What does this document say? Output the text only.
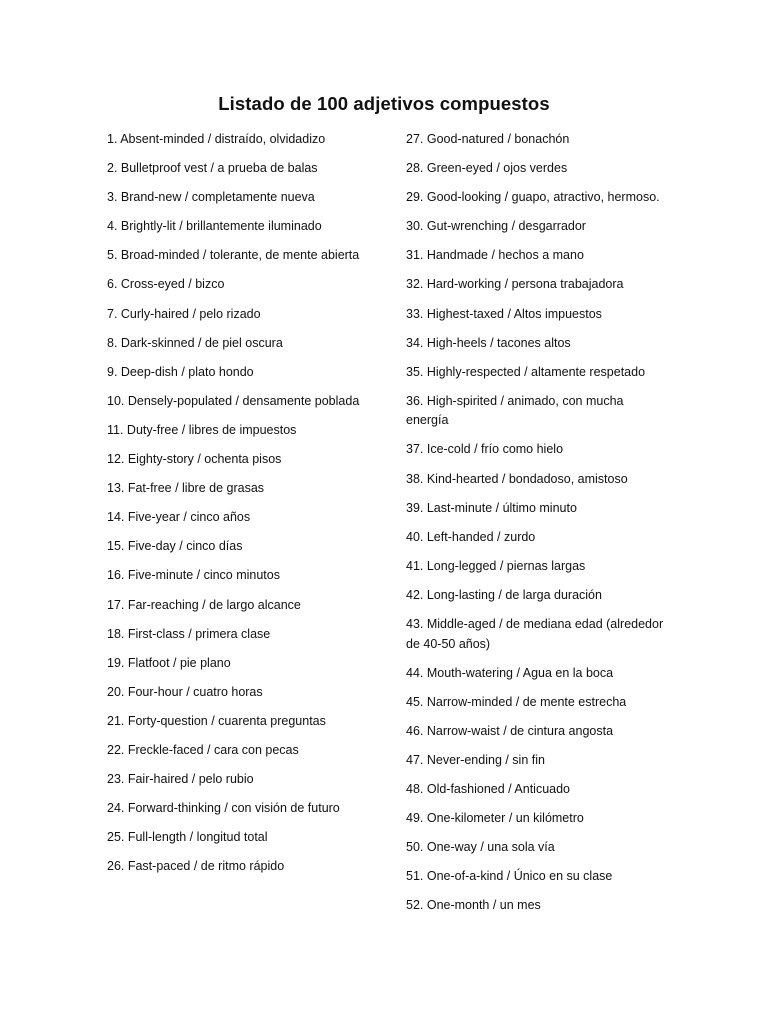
Listado de 100 adjetivos compuestos
1. Absent-minded / distraído, olvidadizo
2. Bulletproof vest / a prueba de balas
3. Brand-new / completamente nueva
4. Brightly-lit / brillantemente iluminado
5. Broad-minded / tolerante, de mente abierta
6. Cross-eyed / bizco
7. Curly-haired / pelo rizado
8. Dark-skinned / de piel oscura
9. Deep-dish / plato hondo
10. Densely-populated / densamente poblada
11. Duty-free / libres de impuestos
12. Eighty-story / ochenta pisos
13. Fat-free / libre de grasas
14. Five-year / cinco años
15. Five-day / cinco días
16. Five-minute / cinco minutos
17. Far-reaching / de largo alcance
18. First-class / primera clase
19. Flatfoot / pie plano
20. Four-hour / cuatro horas
21. Forty-question / cuarenta preguntas
22. Freckle-faced / cara con pecas
23. Fair-haired / pelo rubio
24. Forward-thinking / con visión de futuro
25. Full-length / longitud total
26. Fast-paced / de ritmo rápido
27. Good-natured / bonachón
28. Green-eyed / ojos verdes
29. Good-looking / guapo, atractivo, hermoso.
30. Gut-wrenching / desgarrador
31. Handmade / hechos a mano
32. Hard-working / persona trabajadora
33. Highest-taxed / Altos impuestos
34. High-heels / tacones altos
35. Highly-respected / altamente respetado
36. High-spirited / animado, con mucha energía
37. Ice-cold / frío como hielo
38. Kind-hearted / bondadoso, amistoso
39. Last-minute / último minuto
40. Left-handed / zurdo
41. Long-legged / piernas largas
42. Long-lasting / de larga duración
43. Middle-aged / de mediana edad (alrededor de 40-50 años)
44. Mouth-watering / Agua en la boca
45. Narrow-minded / de mente estrecha
46. Narrow-waist / de cintura angosta
47. Never-ending / sin fin
48. Old-fashioned / Anticuado
49. One-kilometer / un kilómetro
50. One-way / una sola vía
51. One-of-a-kind / Único en su clase
52. One-month / un mes
